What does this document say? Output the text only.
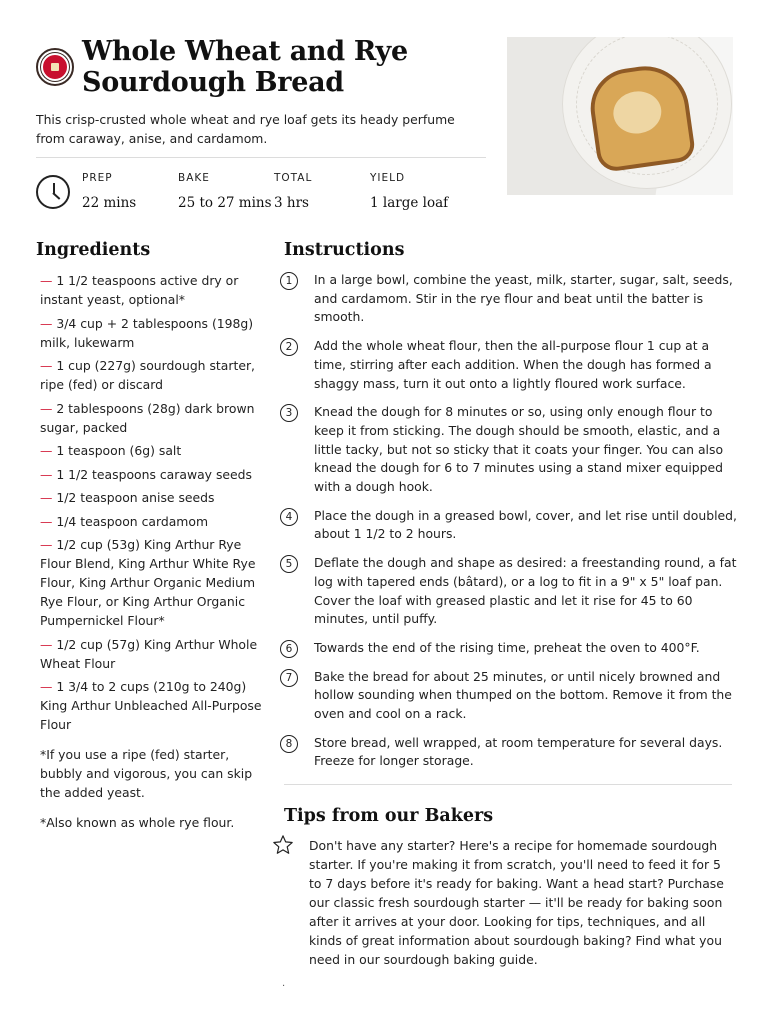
Whole Wheat and Rye Sourdough Bread

This crisp-crusted whole wheat and rye loaf gets its heady perfume from caraway, anise, and cardamom.

PREP
22 mins
BAKE
25 to 27 mins
TOTAL
3 hrs
YIELD
1 large loaf
Ingredients
— 1 1/2 teaspoons active dry or instant yeast, optional*
— 3/4 cup + 2 tablespoons (198g) milk, lukewarm
— 1 cup (227g) sourdough starter, ripe (fed) or discard
— 2 tablespoons (28g) dark brown sugar, packed
— 1 teaspoon (6g) salt
— 1 1/2 teaspoons caraway seeds
— 1/2 teaspoon anise seeds
— 1/4 teaspoon cardamom
— 1/2 cup (53g) King Arthur Rye Flour Blend, King Arthur White Rye Flour, King Arthur Organic Medium Rye Flour, or King Arthur Organic Pumpernickel Flour*
— 1/2 cup (57g) King Arthur Whole Wheat Flour
— 1 3/4 to 2 cups (210g to 240g) King Arthur Unbleached All-Purpose Flour

*If you use a ripe (fed) starter, bubbly and vigorous, you can skip the added yeast.

*Also known as whole rye flour.

Instructions
1	In a large bowl, combine the yeast, milk, starter, sugar, salt, seeds, and cardamom. Stir in the rye flour and beat until the batter is smooth.

2	Add the whole wheat flour, then the all-purpose flour 1 cup at a time, stirring after each addition. When the dough has formed a shaggy mass, turn it out onto a lightly floured work surface.

3	Knead the dough for 8 minutes or so, using only enough flour to keep it from sticking. The dough should be smooth, elastic, and a little tacky, but not so sticky that it coats your finger. You can also knead the dough for 6 to 7 minutes using a stand mixer equipped with a dough hook.

4	Place the dough in a greased bowl, cover, and let rise until doubled, about 1 1/2 to 2 hours.

5	Deflate the dough and shape as desired: a freestanding round, a fat log with tapered ends (bâtard), or a log to fit in a 9" x 5" loaf pan. Cover the loaf with greased plastic and let it rise for 45 to 60 minutes, until puffy.

6	Towards the end of the rising time, preheat the oven to 400°F.

7	Bake the bread for about 25 minutes, or until nicely browned and hollow sounding when thumped on the bottom. Remove it from the oven and cool on a rack.

8	Store bread, well wrapped, at room temperature for several days. Freeze for longer storage.

Tips from our Bakers

Don't have any starter? Here's a recipe for homemade sourdough starter. If you're making it from scratch, you'll need to feed it for 5 to 7 days before it's ready for baking. Want a head start? Purchase our classic fresh sourdough starter — it'll be ready for baking soon after it arrives at your door. Looking for tips, techniques, and all kinds of great information about sourdough baking? Find what you need in our sourdough baking guide.

.
